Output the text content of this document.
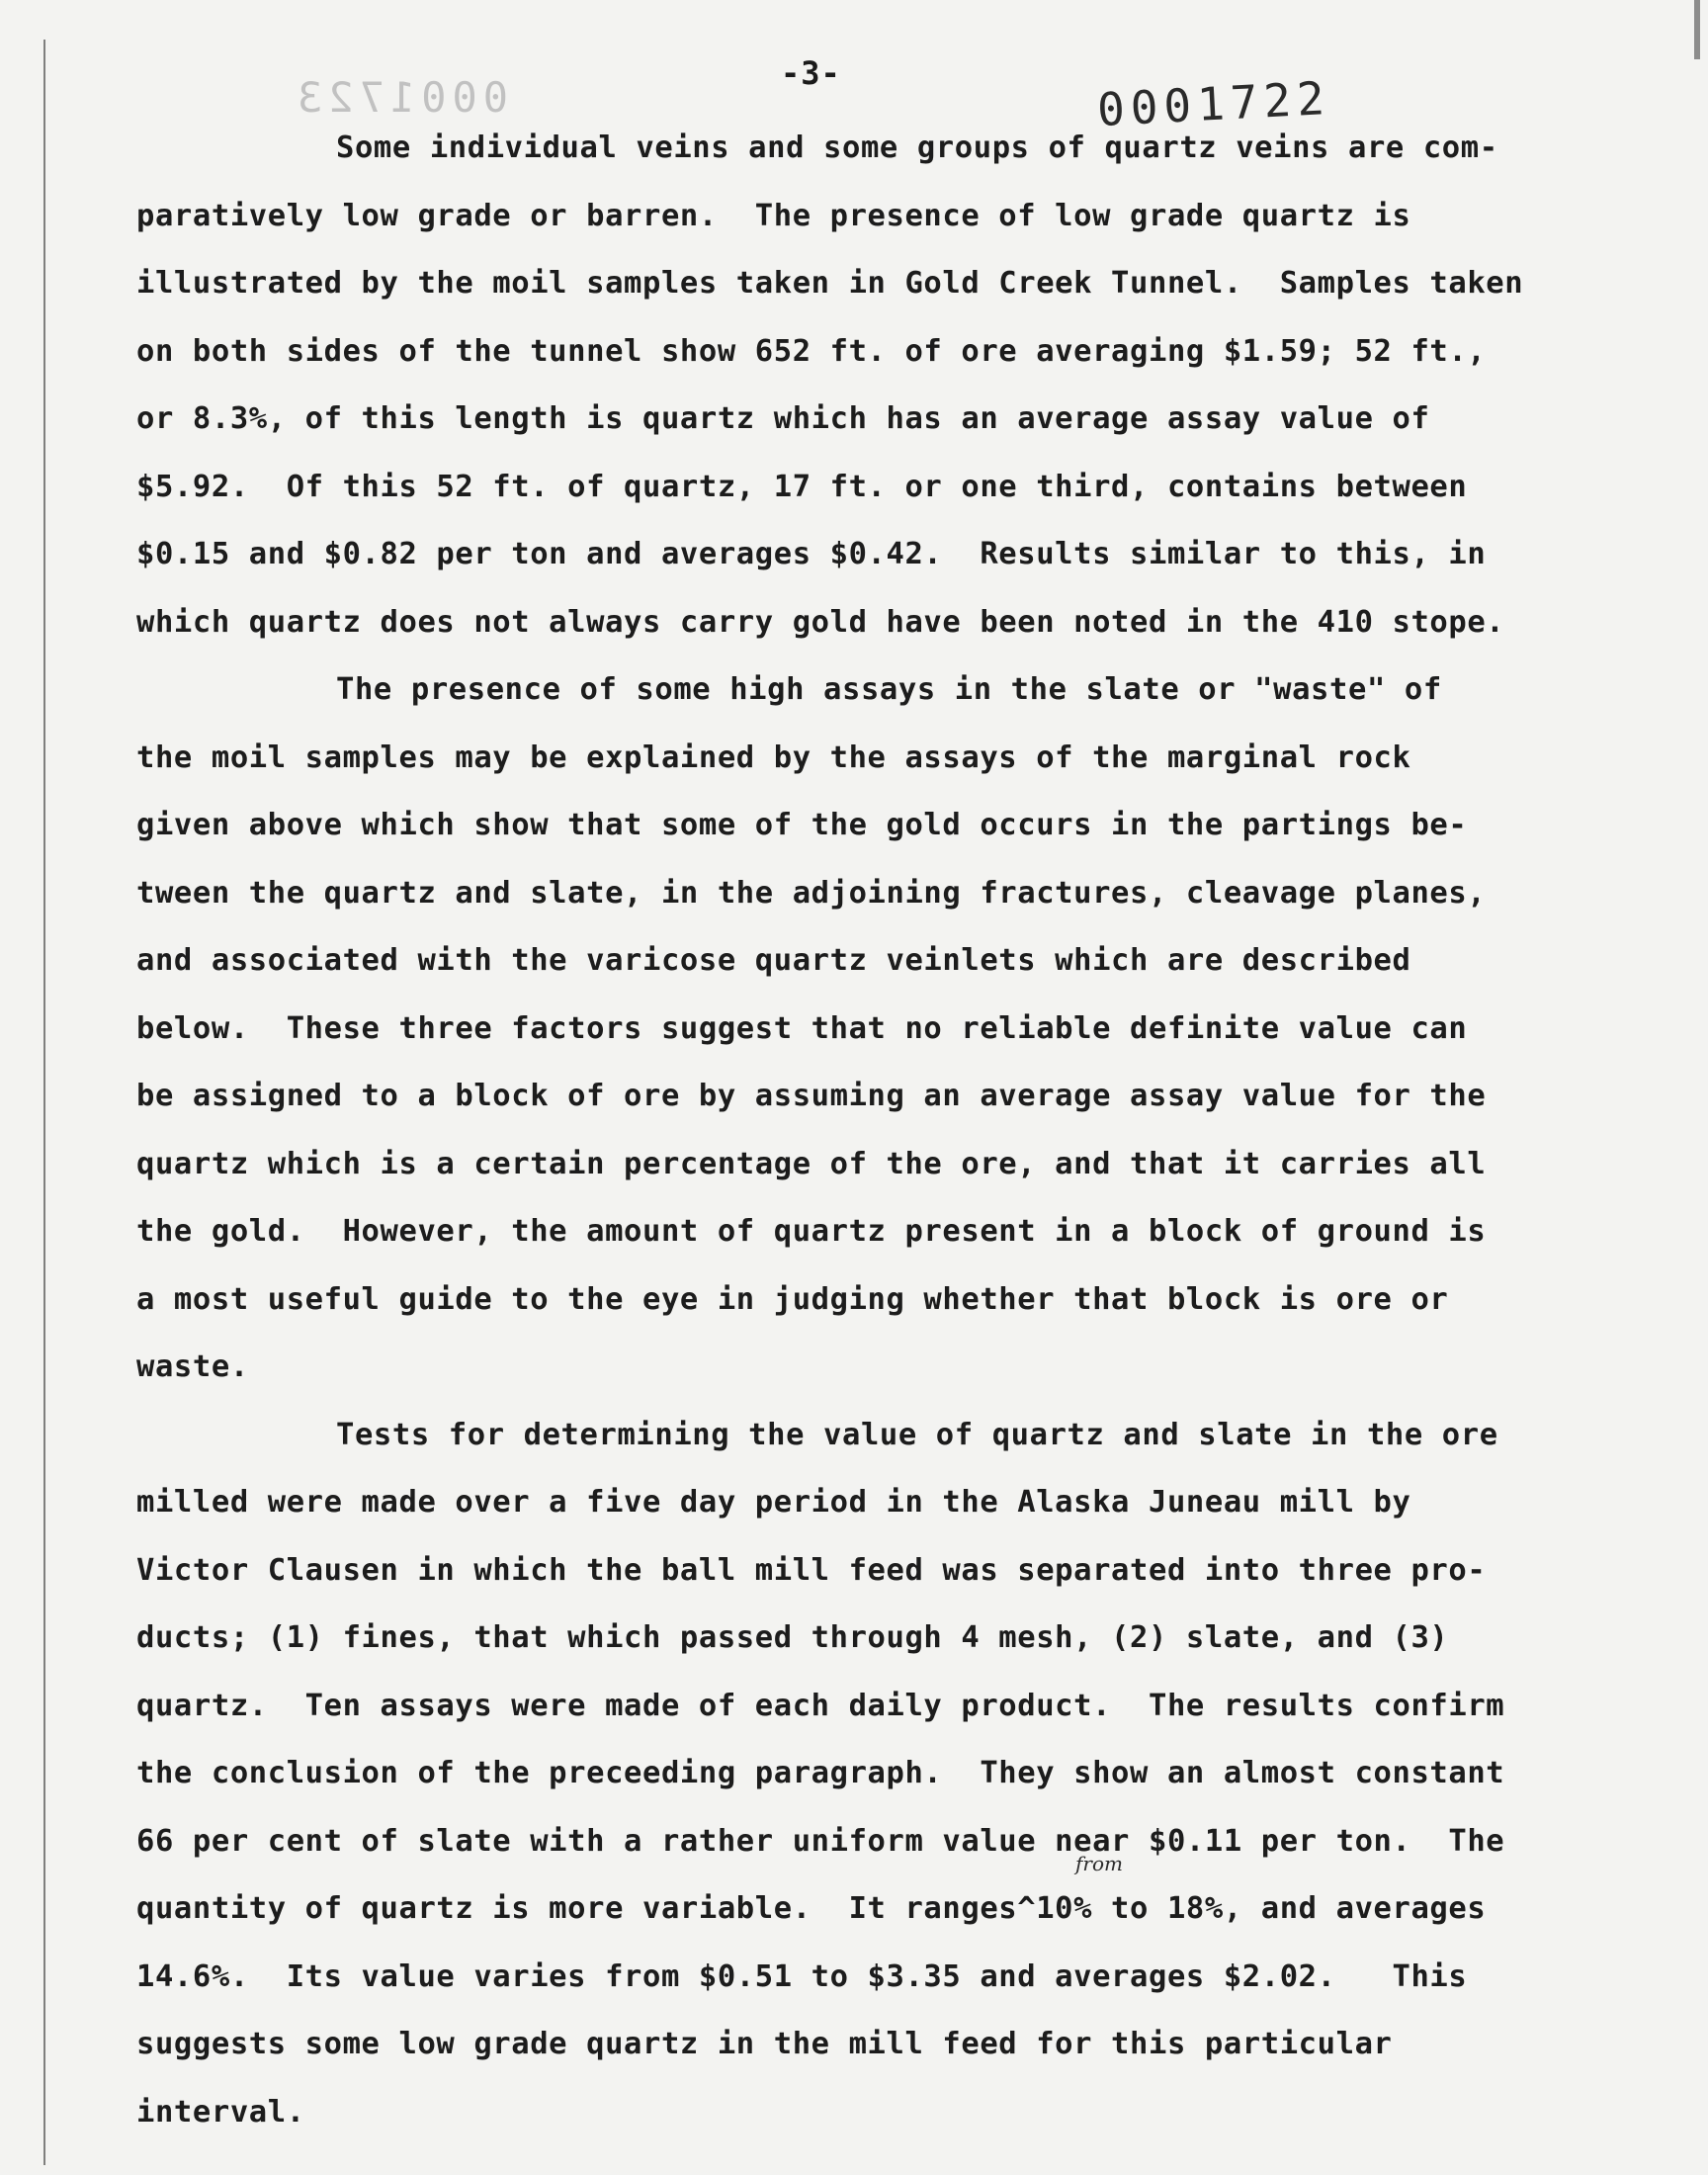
0001723	-3-	0001722
Some individual veins and some groups of quartz veins are com-
paratively low grade or barren.  The presence of low grade quartz is
illustrated by the moil samples taken in Gold Creek Tunnel.  Samples taken
on both sides of the tunnel show 652 ft. of ore averaging $1.59; 52 ft.,
or 8.3%, of this length is quartz which has an average assay value of
$5.92.  Of this 52 ft. of quartz, 17 ft. or one third, contains between
$0.15 and $0.82 per ton and averages $0.42.  Results similar to this, in
which quartz does not always carry gold have been noted in the 410 stope.
The presence of some high assays in the slate or "waste" of
the moil samples may be explained by the assays of the marginal rock
given above which show that some of the gold occurs in the partings be-
tween the quartz and slate, in the adjoining fractures, cleavage planes,
and associated with the varicose quartz veinlets which are described
below.  These three factors suggest that no reliable definite value can
be assigned to a block of ore by assuming an average assay value for the
quartz which is a certain percentage of the ore, and that it carries all
the gold.  However, the amount of quartz present in a block of ground is
a most useful guide to the eye in judging whether that block is ore or
waste.
Tests for determining the value of quartz and slate in the ore
milled were made over a five day period in the Alaska Juneau mill by
Victor Clausen in which the ball mill feed was separated into three pro-
ducts; (1) fines, that which passed through 4 mesh, (2) slate, and (3)
quartz.  Ten assays were made of each daily product.  The results confirm
the conclusion of the preceeding paragraph.  They show an almost constant
66 per cent of slate with a rather uniform value near $0.11 per ton.  The
quantity of quartz is more variable.  It ranges^10% to 18%, and averages
14.6%.  Its value varies from $0.51 to $3.35 and averages $2.02.   This
suggests some low grade quartz in the mill feed for this particular
interval.
from
